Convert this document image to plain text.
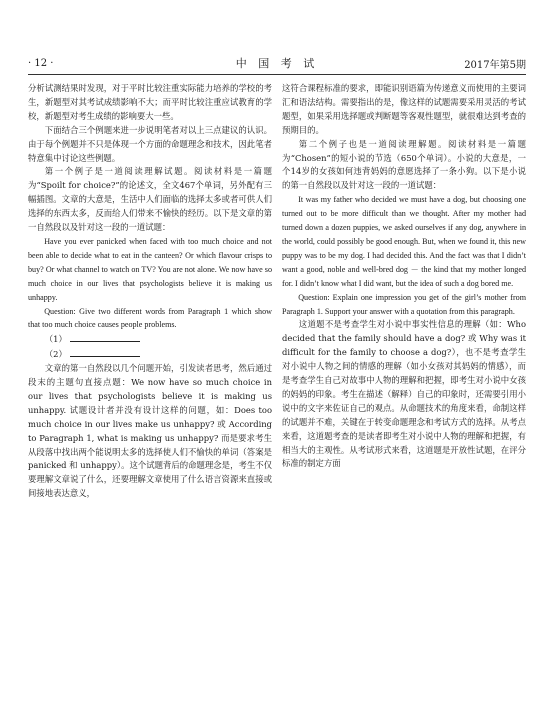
· 12 ·	中 国 考 试	2017年第5期

分析试测结果时发现，对于平时比较注重实际能力培养的学校的考生，新题型对其考试成绩影响不大；而平时比较注重应试教育的学校，新题型对考生成绩的影响要大一些。

下面结合三个例题来进一步说明笔者对以上三点建议的认识。由于每个例题并不只是体现一个方面的命题理念和技术，因此笔者特意集中讨论这些例题。

第一个例子是一道阅读理解试题。阅读材料是一篇题为“Spoilt for choice?”的论述文，全文467个单词，另外配有三幅插图。文章的大意是，生活中人们面临的选择太多或者可供人们选择的东西太多，反而给人们带来不愉快的经历。以下是文章的第一自然段以及针对这一段的一道试题：

Have you ever panicked when faced with too much choice and not been able to decide what to eat in the canteen? Or which flavour crisps to buy? Or what channel to watch on TV? You are not alone. We now have so much choice in our lives that psychologists believe it is making us unhappy.

Question: Give two different words from Paragraph 1 which show that too much choice causes people problems.

（1）

（2）

文章的第一自然段以几个问题开始，引发读者思考，然后通过段末的主题句直接点题：We now have so much choice in our lives that psychologists believe it is making us unhappy. 试题设计者并没有设计这样的问题，如：Does too much choice in our lives make us unhappy? 或 According to Paragraph 1, what is making us unhappy? 而是要求考生从段落中找出两个能说明太多的选择使人们不愉快的单词（答案是 panicked 和 unhappy）。这个试题背后的命题理念是，考生不仅要理解文章说了什么，还要理解文章使用了什么语言资源来直接或间接地表达意义，

这符合课程标准的要求，即能识别语篇为传递意义而使用的主要词汇和语法结构。需要指出的是，像这样的试题需要采用灵活的考试题型，如果采用选择题或判断题等客观性题型，就很难达到考查的预期目的。

第二个例子也是一道阅读理解题。阅读材料是一篇题为“Chosen”的短小说的节选（650个单词）。小说的大意是，一个14岁的女孩如何违背妈妈的意愿选择了一条小狗。以下是小说的第一自然段以及针对这一段的一道试题：

It was my father who decided we must have a dog, but choosing one turned out to be more difficult than we thought. After my mother had turned down a dozen puppies, we asked ourselves if any dog, anywhere in the world, could possibly be good enough. But, when we found it, this new puppy was to be my dog. I had decided this. And the fact was that I didn’t want a good, noble and well-bred dog － the kind that my mother longed for. I didn’t know what I did want, but the idea of such a dog bored me.

Question: Explain one impression you get of the girl’s mother from Paragraph 1. Support your answer with a quotation from this paragraph.

这道题不是考查学生对小说中事实性信息的理解（如：Who decided that the family should have a dog? 或 Why was it difficult for the family to choose a dog?），也不是考查学生对小说中人物之间的情感的理解（如小女孩对其妈妈的情感），而是考查学生自己对故事中人物的理解和把握，即考生对小说中女孩的妈妈的印象。考生在描述（解释）自己的印象时，还需要引用小说中的文字来佐证自己的观点。从命题技术的角度来看，命制这样的试题并不难，关键在于转变命题理念和考试方式的选择。从考点来看，这道题考查的是读者即考生对小说中人物的理解和把握，有相当大的主观性。从考试形式来看，这道题是开放性试题，在评分标准的制定方面
